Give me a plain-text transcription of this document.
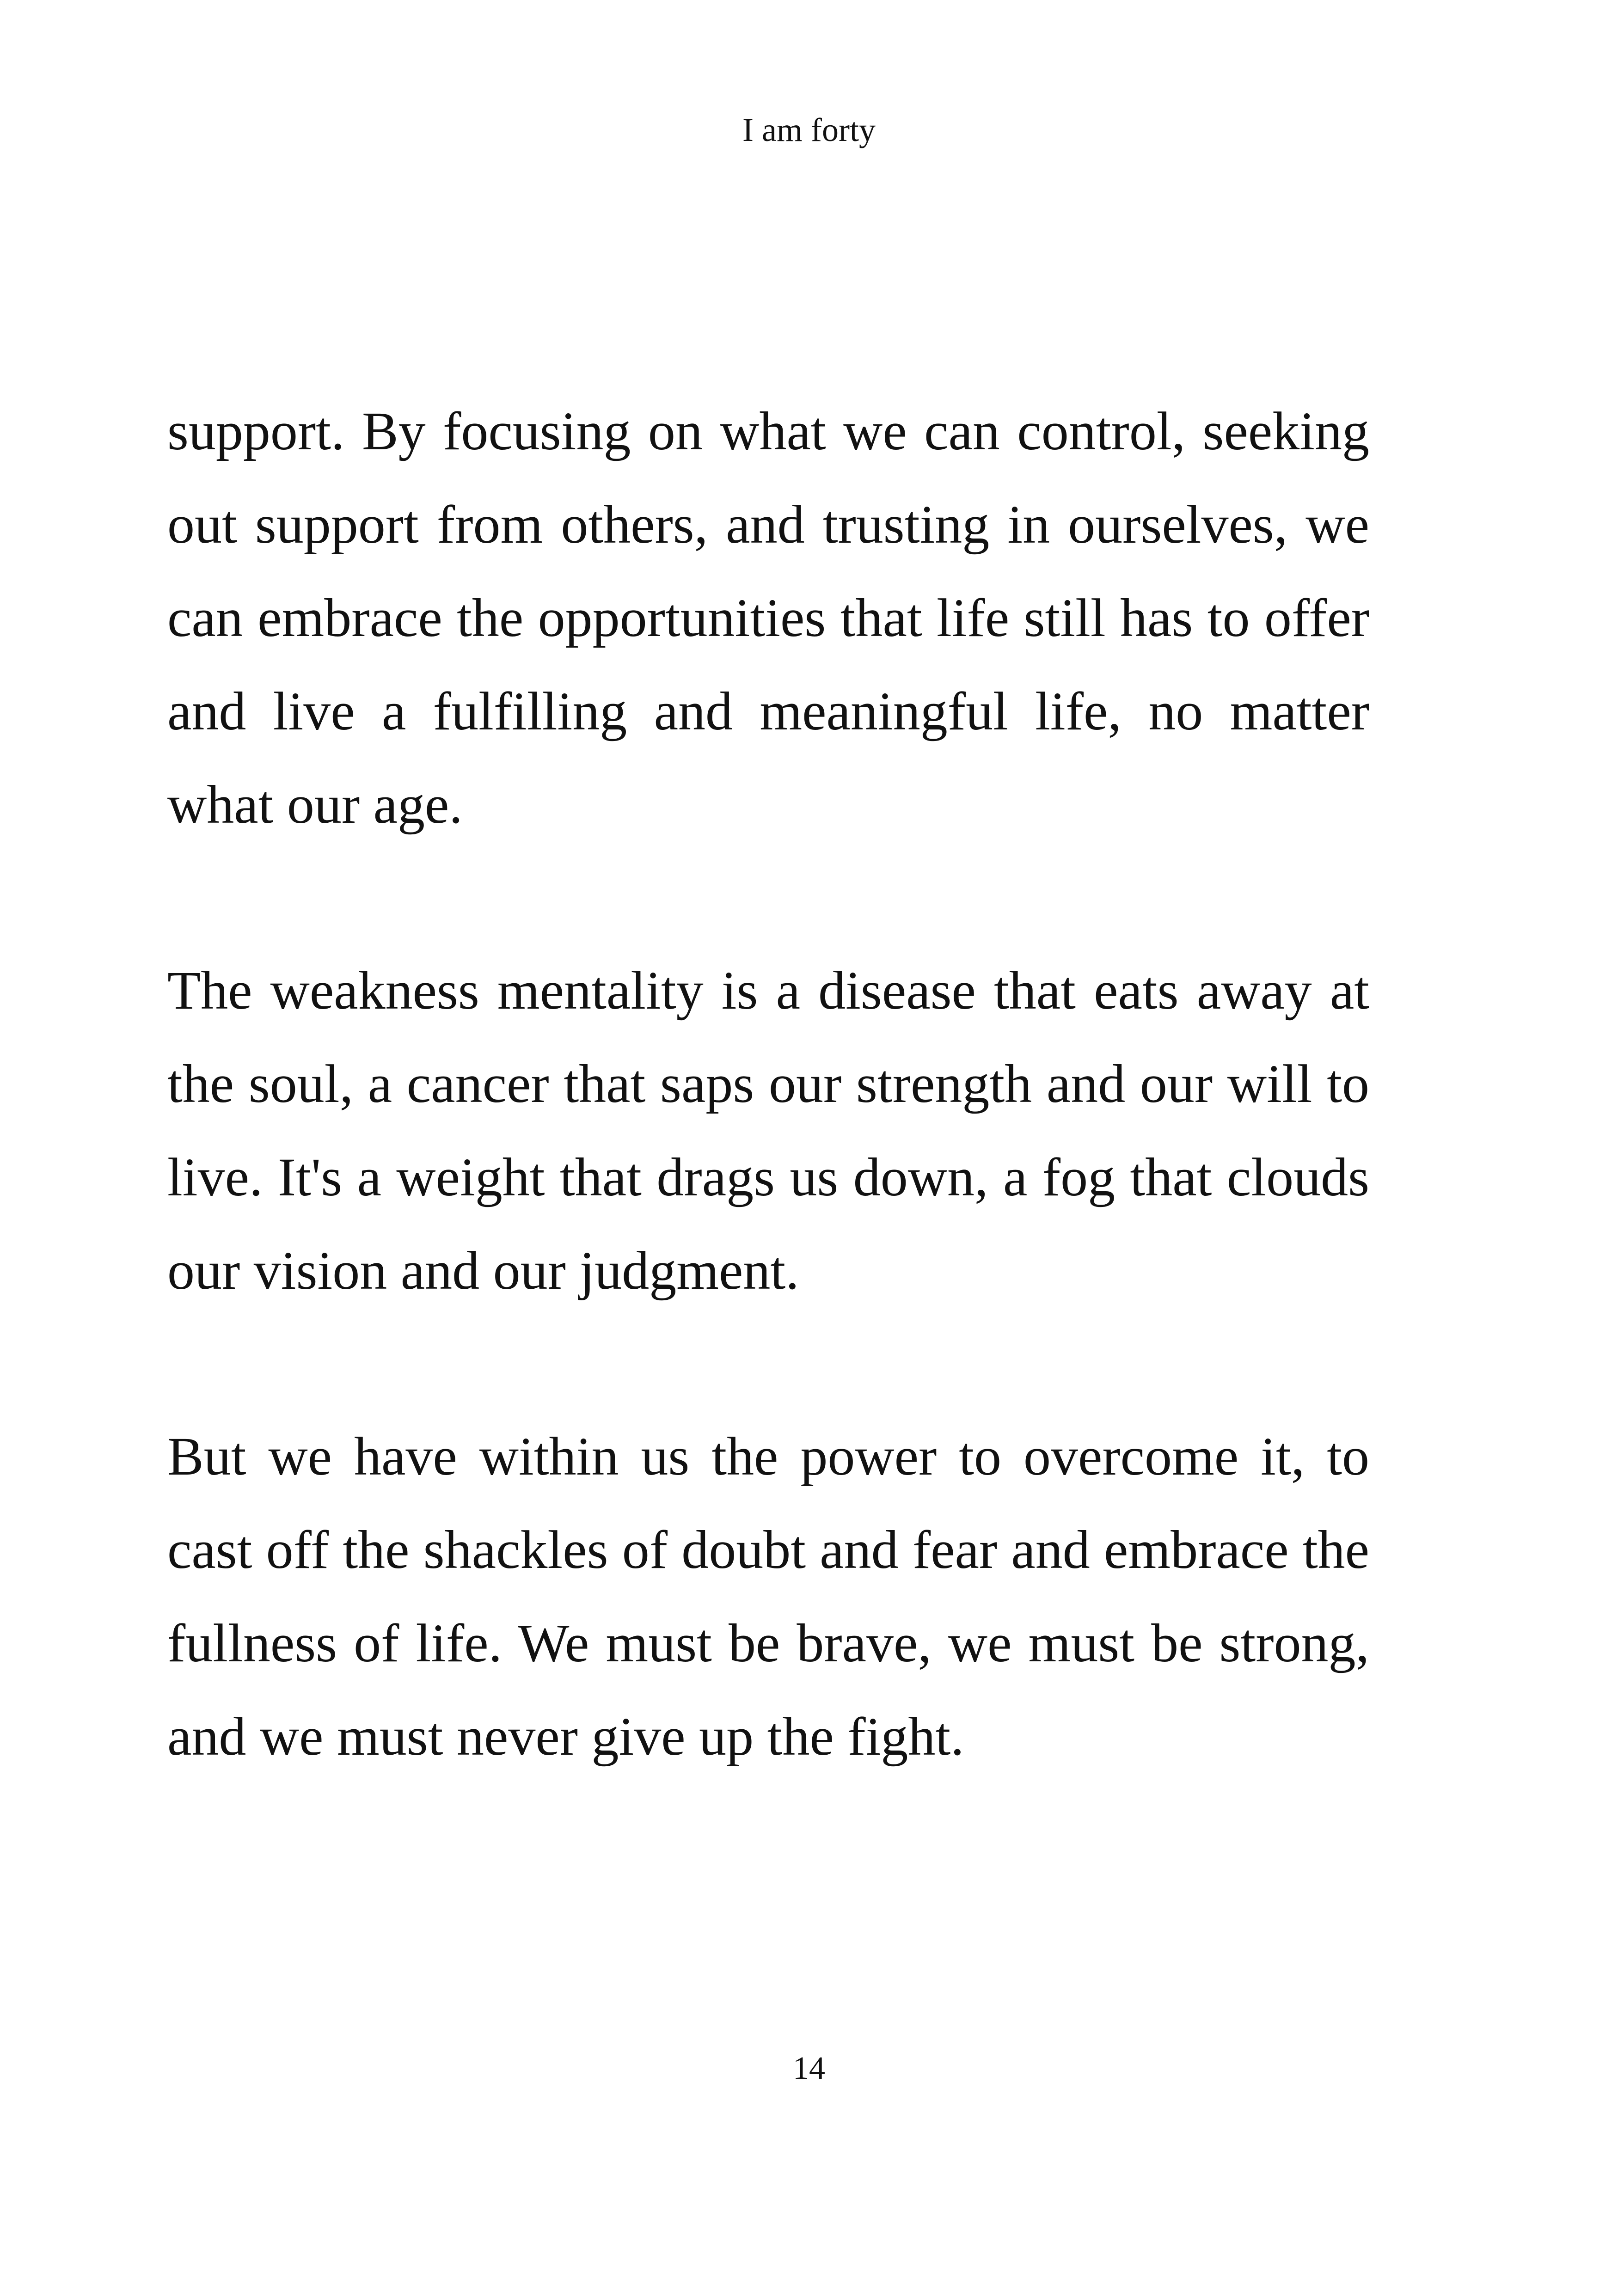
I am forty

support. By focusing on what we can control, seeking out support from others, and trusting in ourselves, we can embrace the opportunities that life still has to offer and live a fulfilling and meaningful life, no matter what our age.

The weakness mentality is a disease that eats away at the soul, a cancer that saps our strength and our will to live. It's a weight that drags us down, a fog that clouds our vision and our judgment.

But we have within us the power to overcome it, to cast off the shackles of doubt and fear and embrace the fullness of life. We must be brave, we must be strong, and we must never give up the fight.

14
